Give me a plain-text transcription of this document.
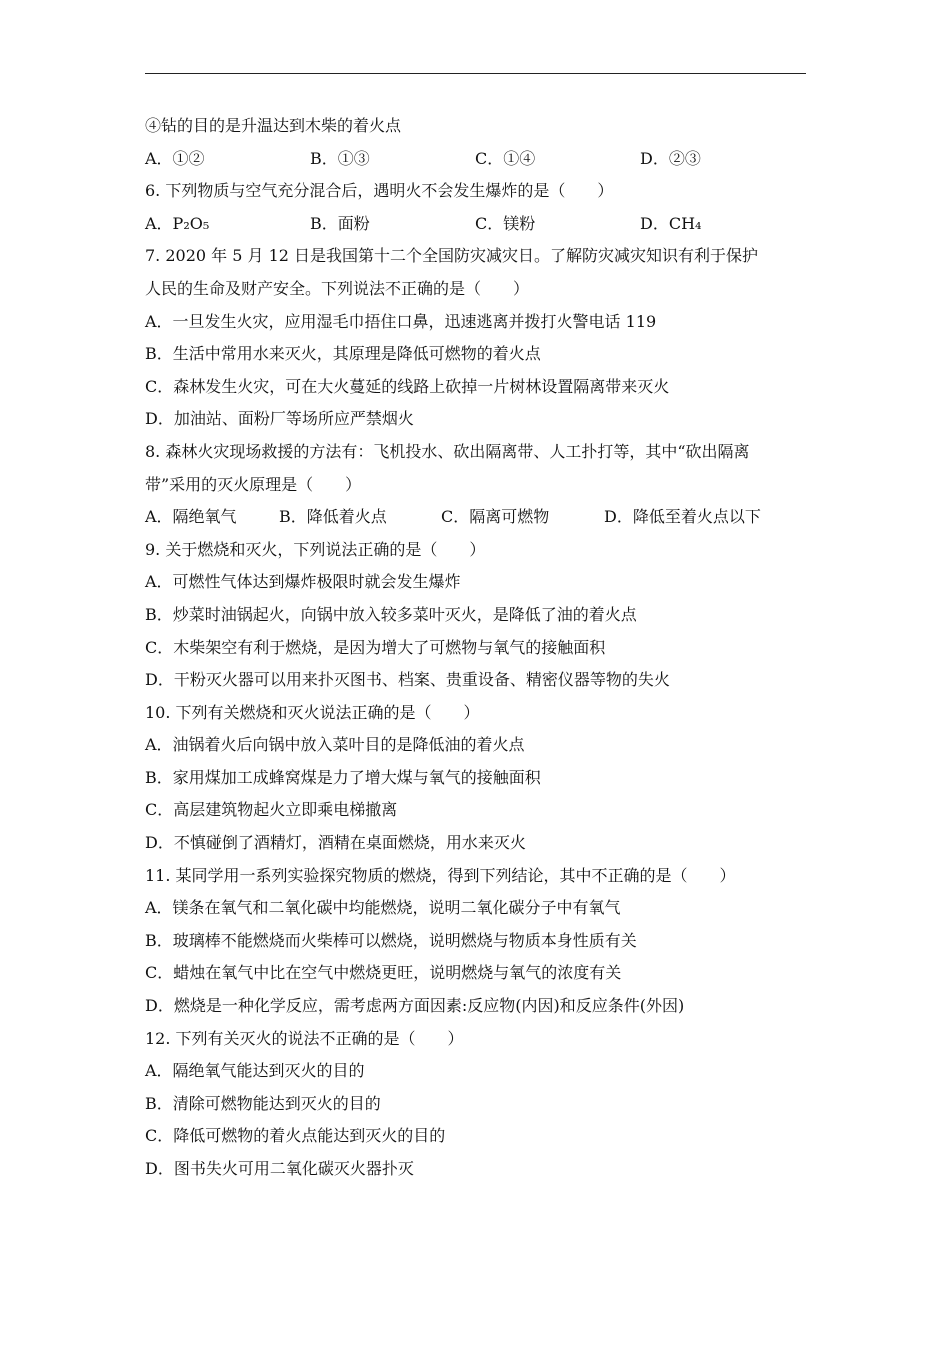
④钻的目的是升温达到木柴的着火点
A．①②	B．①③	C．①④	D．②③
6. 下列物质与空气充分混合后，遇明火不会发生爆炸的是（　　）
A．P₂O₅	B．面粉	C．镁粉	D．CH₄
7. 2020 年 5 月 12 日是我国第十二个全国防灾减灾日。了解防灾减灾知识有利于保护
人民的生命及财产安全。下列说法不正确的是（　　）
A．一旦发生火灾，应用湿毛巾捂住口鼻，迅速逃离并拨打火警电话 119
B．生活中常用水来灭火，其原理是降低可燃物的着火点
C．森林发生火灾，可在大火蔓延的线路上砍掉一片树林设置隔离带来灭火
D．加油站、面粉厂等场所应严禁烟火
8. 森林火灾现场救援的方法有：飞机投水、砍出隔离带、人工扑打等，其中“砍出隔离
带”采用的灭火原理是（　　）
A．隔绝氧气	B．降低着火点	C．隔离可燃物	D．降低至着火点以下
9. 关于燃烧和灭火，下列说法正确的是（　　）
A．可燃性气体达到爆炸极限时就会发生爆炸
B．炒菜时油锅起火，向锅中放入较多菜叶灭火，是降低了油的着火点
C．木柴架空有利于燃烧，是因为增大了可燃物与氧气的接触面积
D．干粉灭火器可以用来扑灭图书、档案、贵重设备、精密仪器等物的失火
10. 下列有关燃烧和灭火说法正确的是（　　）
A．油锅着火后向锅中放入菜叶目的是降低油的着火点
B．家用煤加工成蜂窝煤是力了增大煤与氧气的接触面积
C．高层建筑物起火立即乘电梯撤离
D．不慎碰倒了酒精灯，酒精在桌面燃烧，用水来灭火
11. 某同学用一系列实验探究物质的燃烧，得到下列结论，其中不正确的是（　　）
A．镁条在氧气和二氧化碳中均能燃烧，说明二氧化碳分子中有氧气
B．玻璃棒不能燃烧而火柴棒可以燃烧，说明燃烧与物质本身性质有关
C．蜡烛在氧气中比在空气中燃烧更旺，说明燃烧与氧气的浓度有关
D．燃烧是一种化学反应，需考虑两方面因素:反应物(内因)和反应条件(外因)
12. 下列有关灭火的说法不正确的是（　　）
A．隔绝氧气能达到灭火的目的
B．清除可燃物能达到灭火的目的
C．降低可燃物的着火点能达到灭火的目的
D．图书失火可用二氧化碳灭火器扑灭
